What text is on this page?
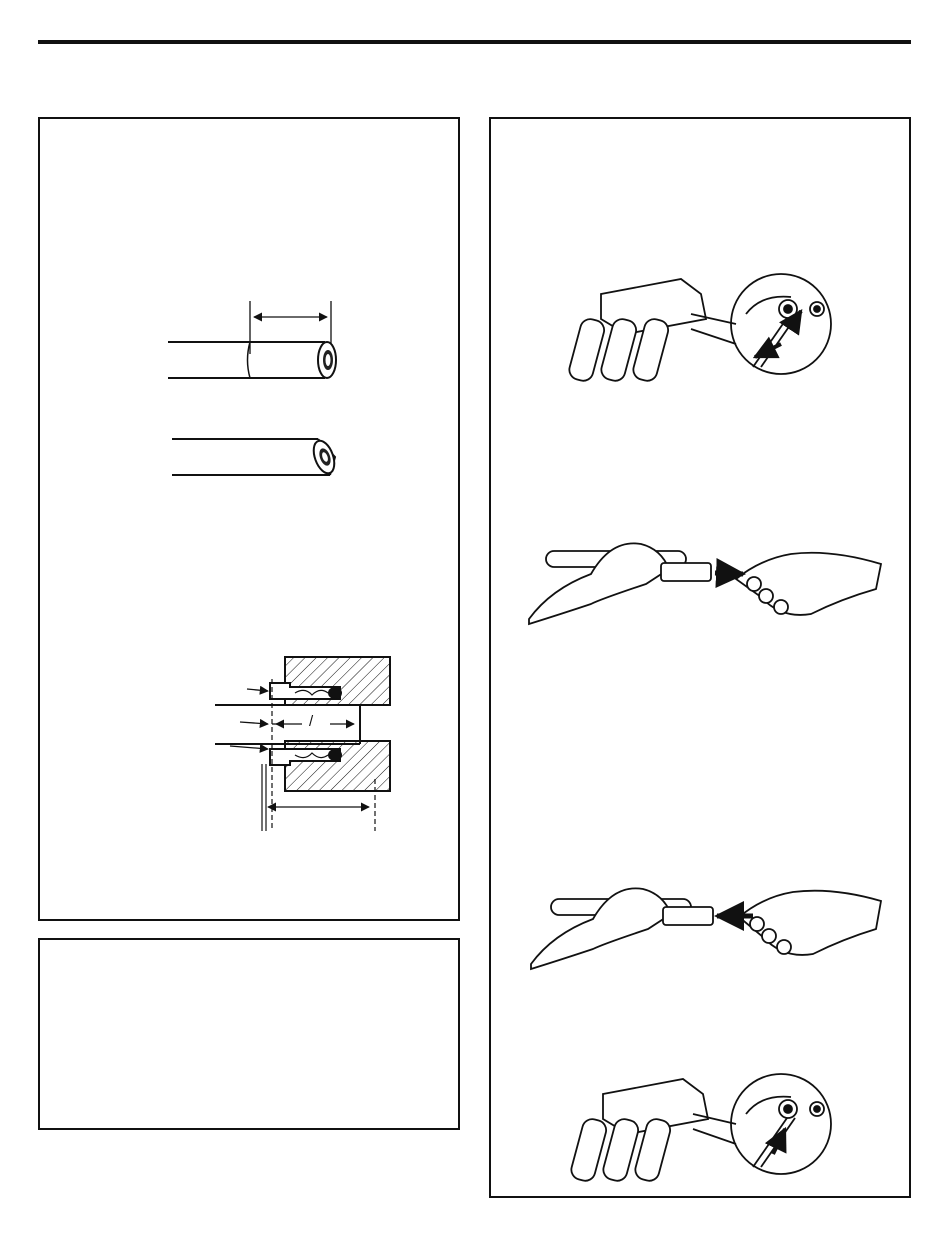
/
